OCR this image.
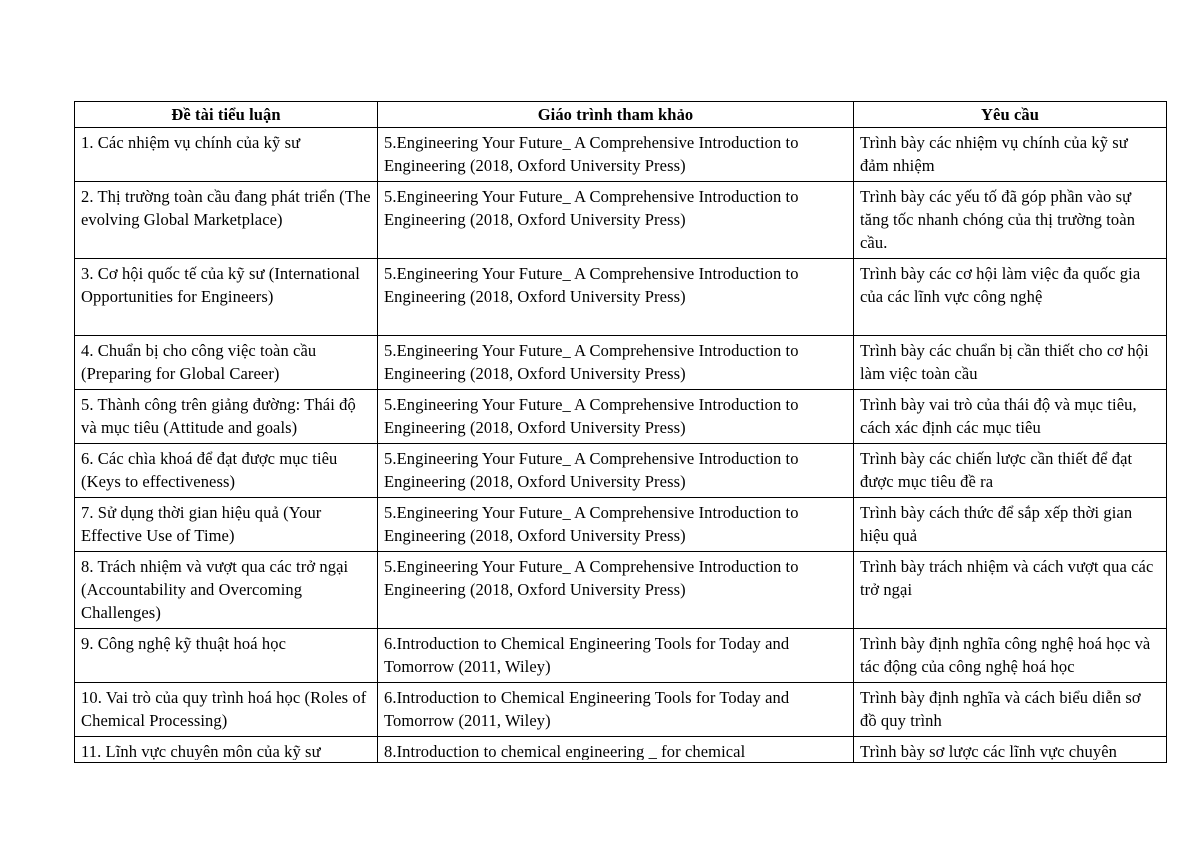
Đề tài tiểu luận	Giáo trình tham khảo	Yêu cầu
1. Các nhiệm vụ chính của kỹ sư	5.Engineering Your Future_ A Comprehensive Introduction to Engineering (2018, Oxford University Press)	Trình bày các nhiệm vụ chính của kỹ sư đảm nhiệm
2. Thị trường toàn cầu đang phát triển (The evolving Global Marketplace)	5.Engineering Your Future_ A Comprehensive Introduction to Engineering (2018, Oxford University Press)	Trình bày các yếu tố đã góp phần vào sự tăng tốc nhanh chóng của thị trường toàn cầu.
3. Cơ hội quốc tế của kỹ sư (International Opportunities for Engineers)	5.Engineering Your Future_ A Comprehensive Introduction to Engineering (2018, Oxford University Press)	Trình bày các cơ hội làm việc đa quốc gia của các lĩnh vực công nghệ
4. Chuẩn bị cho công việc toàn cầu (Preparing for Global Career)	5.Engineering Your Future_ A Comprehensive Introduction to Engineering (2018, Oxford University Press)	Trình bày các chuẩn bị cần thiết cho cơ hội làm việc toàn cầu
5. Thành công trên giảng đường: Thái độ và mục tiêu (Attitude and goals)	5.Engineering Your Future_ A Comprehensive Introduction to Engineering (2018, Oxford University Press)	Trình bày vai trò của thái độ và mục tiêu, cách xác định các mục tiêu
6. Các chìa khoá để đạt được mục tiêu (Keys to effectiveness)	5.Engineering Your Future_ A Comprehensive Introduction to Engineering (2018, Oxford University Press)	Trình bày các chiến lược cần thiết để đạt được mục tiêu đề ra
7. Sử dụng thời gian hiệu quả (Your Effective Use of Time)	5.Engineering Your Future_ A Comprehensive Introduction to Engineering (2018, Oxford University Press)	Trình bày cách thức để sắp xếp thời gian hiệu quả
8. Trách nhiệm và vượt qua các trở ngại (Accountability and Overcoming Challenges)	5.Engineering Your Future_ A Comprehensive Introduction to Engineering (2018, Oxford University Press)	Trình bày trách nhiệm và cách vượt qua các trở ngại
9. Công nghệ kỹ thuật hoá học	6.Introduction to Chemical Engineering Tools for Today and Tomorrow (2011, Wiley)	Trình bày định nghĩa công nghệ hoá học và tác động của công nghệ hoá học
10. Vai trò của quy trình hoá học (Roles of Chemical Processing)	6.Introduction to Chemical Engineering Tools for Today and Tomorrow (2011, Wiley)	Trình bày định nghĩa và cách biểu diễn sơ đồ quy trình

11. Lĩnh vực chuyên môn của kỹ sư	8.Introduction to chemical engineering _ for chemical	Trình bày sơ lược các lĩnh vực chuyên
